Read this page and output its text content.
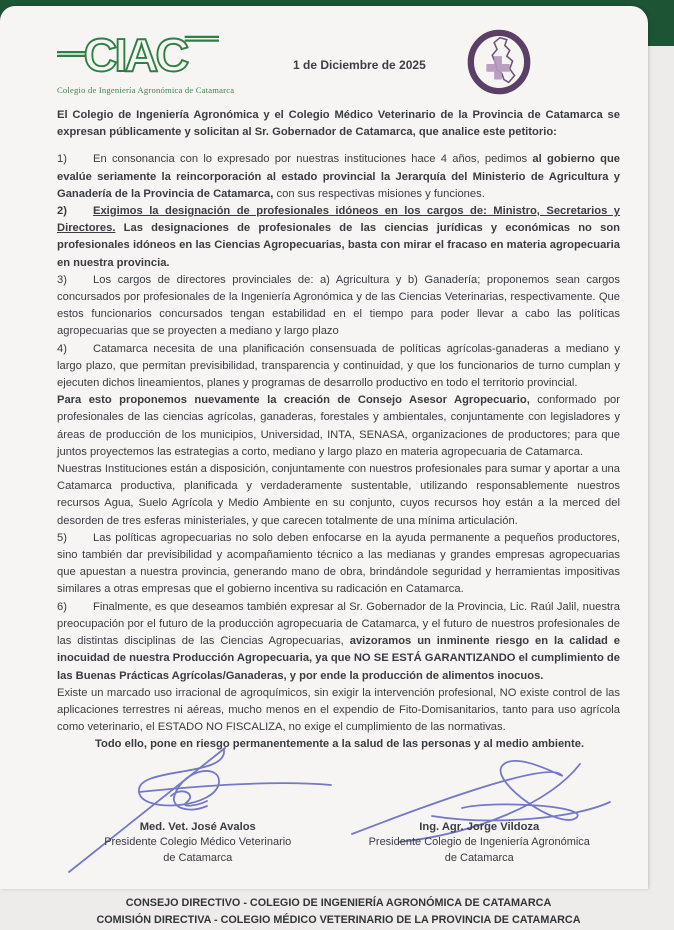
CIAC
Colegio de Ingeniería Agronómica de Catamarca
1 de Diciembre de 2025

El Colegio de Ingeniería Agronómica y el Colegio Médico Veterinario de la Provincia de Catamarca se expresan públicamente y solicitan al Sr. Gobernador de Catamarca, que analice este petitorio:

1) En consonancia con lo expresado por nuestras instituciones hace 4 años, pedimos al gobierno que evalúe seriamente la reincorporación al estado provincial la Jerarquía del Ministerio de Agricultura y Ganadería de la Provincia de Catamarca, con sus respectivas misiones y funciones.

2) Exigimos la designación de profesionales idóneos en los cargos de: Ministro, Secretarios y Directores. Las designaciones de profesionales de las ciencias jurídicas y económicas no son profesionales idóneos en las Ciencias Agropecuarias, basta con mirar el fracaso en materia agropecuaria en nuestra provincia.

3) Los cargos de directores provinciales de: a) Agricultura y b) Ganadería; proponemos sean cargos concursados por profesionales de la Ingeniería Agronómica y de las Ciencias Veterinarias, respectivamente. Que estos funcionarios concursados tengan estabilidad en el tiempo para poder llevar a cabo las políticas agropecuarias que se proyecten a mediano y largo plazo

4) Catamarca necesita de una planificación consensuada de políticas agrícolas-ganaderas a mediano y largo plazo, que permitan previsibilidad, transparencia y continuidad, y que los funcionarios de turno cumplan y ejecuten dichos lineamientos, planes y programas de desarrollo productivo en todo el territorio provincial.

Para esto proponemos nuevamente la creación de Consejo Asesor Agropecuario, conformado por profesionales de las ciencias agrícolas, ganaderas, forestales y ambientales, conjuntamente con legisladores y áreas de producción de los municipios, Universidad, INTA, SENASA, organizaciones de productores; para que juntos proyectemos las estrategias a corto, mediano y largo plazo en materia agropecuaria de Catamarca.

Nuestras Instituciones están a disposición, conjuntamente con nuestros profesionales para sumar y aportar a una Catamarca productiva, planificada y verdaderamente sustentable, utilizando responsablemente nuestros recursos Agua, Suelo Agrícola y Medio Ambiente en su conjunto, cuyos recursos hoy están a la merced del desorden de tres esferas ministeriales, y que carecen totalmente de una mínima articulación.

5) Las políticas agropecuarias no solo deben enfocarse en la ayuda permanente a pequeños productores, sino también dar previsibilidad y acompañamiento técnico a las medianas y grandes empresas agropecuarias que apuestan a nuestra provincia, generando mano de obra, brindándole seguridad y herramientas impositivas similares a otras empresas que el gobierno incentiva su radicación en Catamarca.

6) Finalmente, es que deseamos también expresar al Sr. Gobernador de la Provincia, Lic. Raúl Jalil, nuestra preocupación por el futuro de la producción agropecuaria de Catamarca, y el futuro de nuestros profesionales de las distintas disciplinas de las Ciencias Agropecuarias, avizoramos un inminente riesgo en la calidad e inocuidad de nuestra Producción Agropecuaria, ya que NO SE ESTÁ GARANTIZANDO el cumplimiento de las Buenas Prácticas Agrícolas/Ganaderas, y por ende la producción de alimentos inocuos.

Existe un marcado uso irracional de agroquímicos, sin exigir la intervención profesional, NO existe control de las aplicaciones terrestres ni aéreas, mucho menos en el expendio de Fito-Domisanitarios, tanto para uso agrícola como veterinario, el ESTADO NO FISCALIZA, no exige el cumplimiento de las normativas.

Todo ello, pone en riesgo permanentemente a la salud de las personas y al medio ambiente.

Med. Vet. José Avalos
Presidente Colegio Médico Veterinario
de Catamarca
Ing. Agr. Jorge Vildoza
Presidente Colegio de Ingeniería Agronómica
de Catamarca
CONSEJO DIRECTIVO - COLEGIO DE INGENIERÍA AGRONÓMICA DE CATAMARCA
COMISIÓN DIRECTIVA - COLEGIO MÉDICO VETERINARIO DE LA PROVINCIA DE CATAMARCA
